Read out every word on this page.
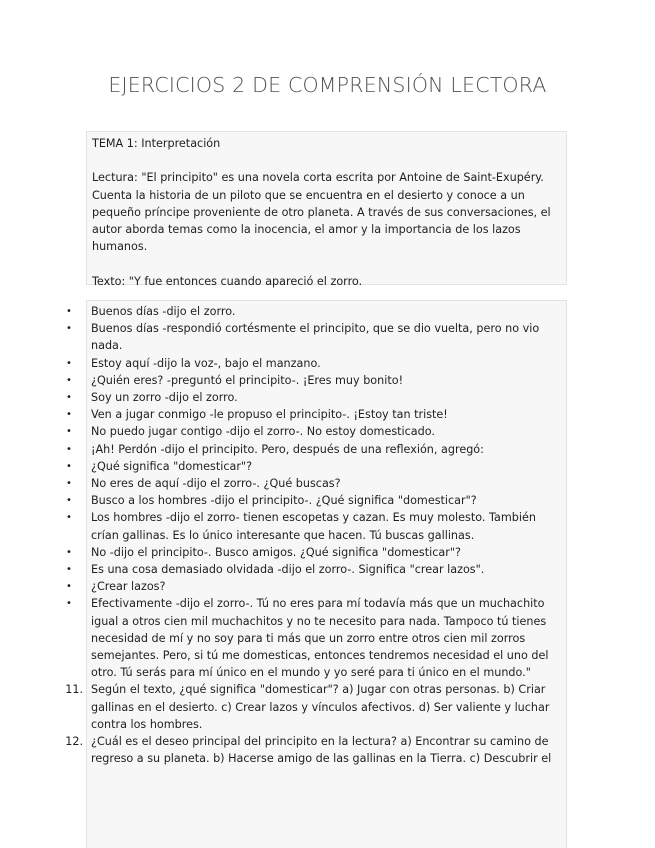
EJERCICIOS 2 DE COMPRENSIÓN LECTORA

TEMA 1: Interpretación

Lectura: "El principito" es una novela corta escrita por Antoine de Saint-Exupéry. Cuenta la historia de un piloto que se encuentra en el desierto y conoce a un pequeño príncipe proveniente de otro planeta. A través de sus conversaciones, el autor aborda temas como la inocencia, el amor y la importancia de los lazos humanos.

Texto: "Y fue entonces cuando apareció el zorro.

• Buenos días -dijo el zorro.
• Buenos días -respondió cortésmente el principito, que se dio vuelta, pero no vio nada.
• Estoy aquí -dijo la voz-, bajo el manzano.
• ¿Quién eres? -preguntó el principito-. ¡Eres muy bonito!
• Soy un zorro -dijo el zorro.
• Ven a jugar conmigo -le propuso el principito-. ¡Estoy tan triste!
• No puedo jugar contigo -dijo el zorro-. No estoy domesticado.
• ¡Ah! Perdón -dijo el principito. Pero, después de una reflexión, agregó:
• ¿Qué significa "domesticar"?
• No eres de aquí -dijo el zorro-. ¿Qué buscas?
• Busco a los hombres -dijo el principito-. ¿Qué significa "domesticar"?
• Los hombres -dijo el zorro- tienen escopetas y cazan. Es muy molesto. También crían gallinas. Es lo único interesante que hacen. Tú buscas gallinas.
• No -dijo el principito-. Busco amigos. ¿Qué significa "domesticar"?
• Es una cosa demasiado olvidada -dijo el zorro-. Significa "crear lazos".
• ¿Crear lazos?
• Efectivamente -dijo el zorro-. Tú no eres para mí todavía más que un muchachito igual a otros cien mil muchachitos y no te necesito para nada. Tampoco tú tienes necesidad de mí y no soy para ti más que un zorro entre otros cien mil zorros semejantes. Pero, si tú me domesticas, entonces tendremos necesidad el uno del otro. Tú serás para mí único en el mundo y yo seré para ti único en el mundo."
11. Según el texto, ¿qué significa "domesticar"? a) Jugar con otras personas. b) Criar gallinas en el desierto. c) Crear lazos y vínculos afectivos. d) Ser valiente y luchar contra los hombres.
12. ¿Cuál es el deseo principal del principito en la lectura? a) Encontrar su camino de regreso a su planeta. b) Hacerse amigo de las gallinas en la Tierra. c) Descubrir el
